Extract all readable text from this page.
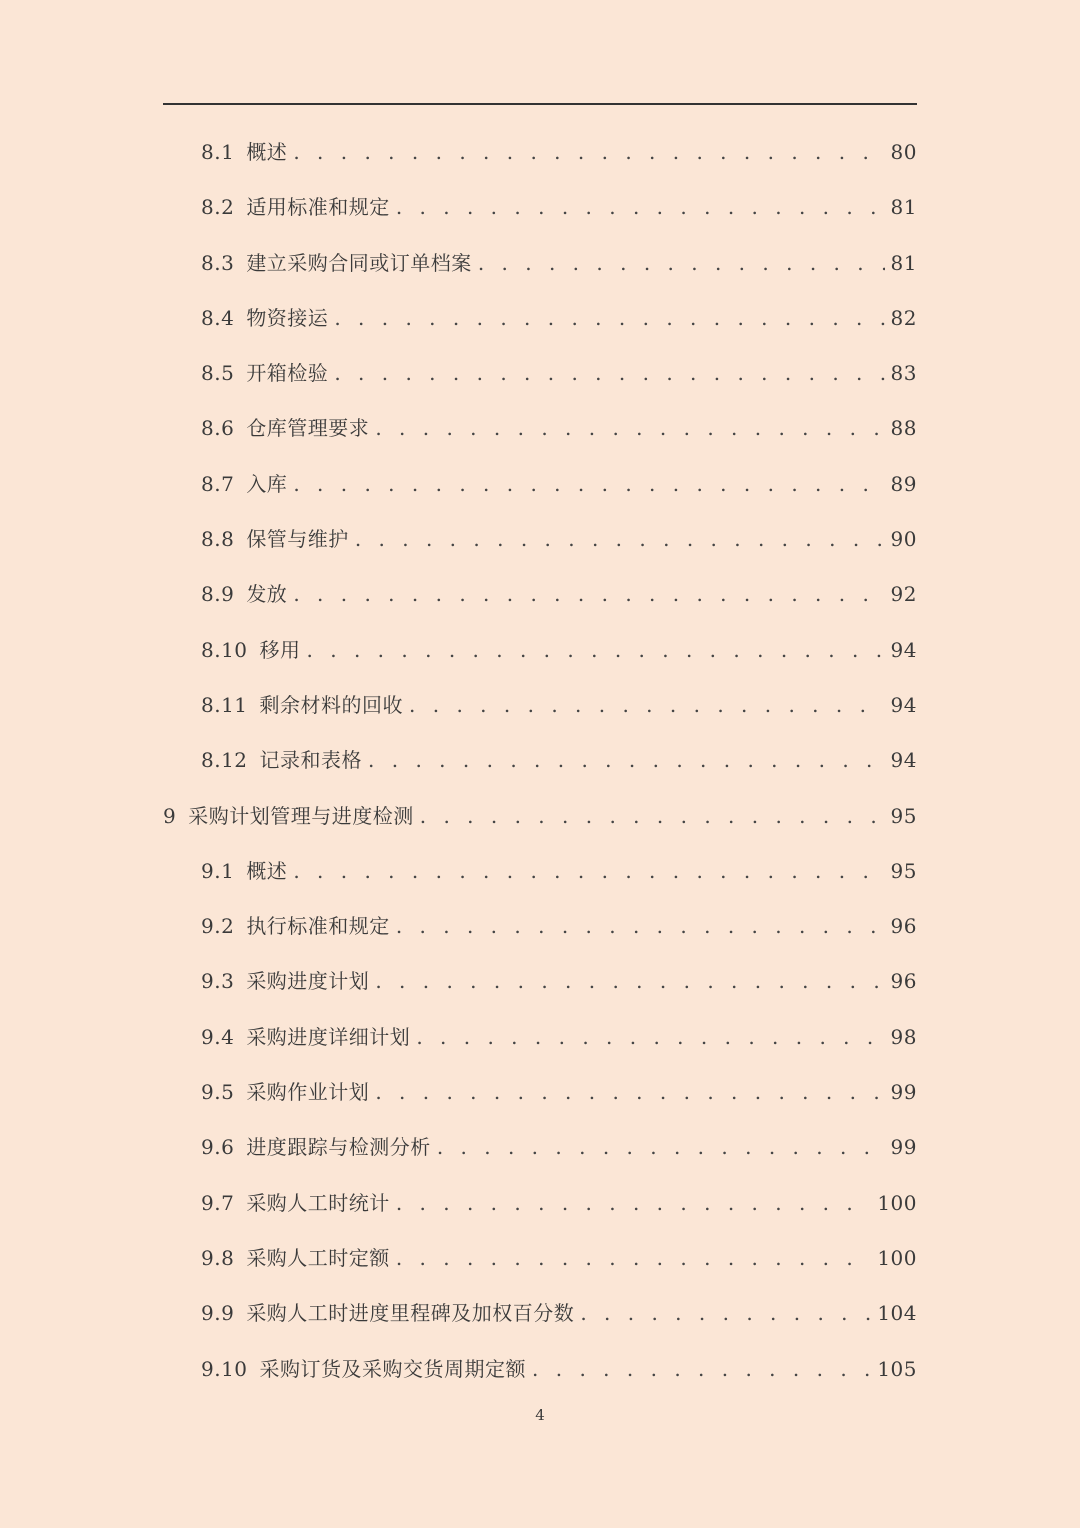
8.1 概述 . . .	80
8.2 适用标准和规定 . . .	81
8.3 建立采购合同或订单档案 . . .	81
8.4 物资接运 . . .	82
8.5 开箱检验 . . .	83
8.6 仓库管理要求 . . .	88
8.7 入库 . . .	89
8.8 保管与维护 . . .	90
8.9 发放 . . .	92
8.10 移用 . . .	94
8.11 剩余材料的回收 . . .	94
8.12 记录和表格 . . .	94
9 采购计划管理与进度检测 . . .	95
9.1 概述 . . .	95
9.2 执行标准和规定 . . .	96
9.3 采购进度计划 . . .	96
9.4 采购进度详细计划 . . .	98
9.5 采购作业计划 . . .	99
9.6 进度跟踪与检测分析 . . .	99
9.7 采购人工时统计 . . .	100
9.8 采购人工时定额 . . .	100
9.9 采购人工时进度里程碑及加权百分数 . . .	104
9.10 采购订货及采购交货周期定额 . . .	105
4
